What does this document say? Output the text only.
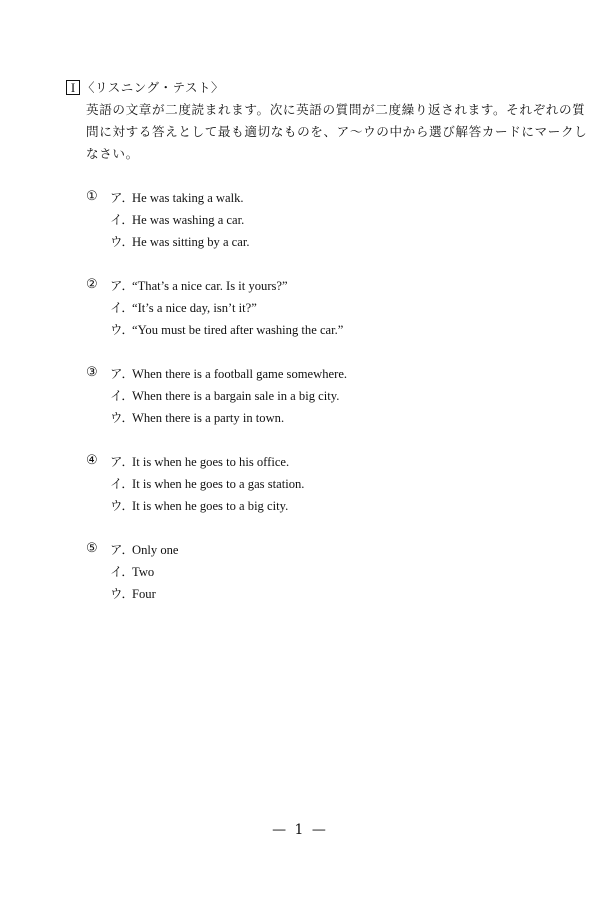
I 〈リスニング・テスト〉
英語の文章が二度読まれます。次に英語の質問が二度繰り返されます。それぞれの質
問に対する答えとして最も適切なものを、ア〜ウの中から選び解答カードにマークし
なさい。
① ア．He was taking a walk.
イ．He was washing a car.
ウ．He was sitting by a car.
② ア．“That’s a nice car. Is it yours?”
イ．“It’s a nice day, isn’t it?”
ウ．“You must be tired after washing the car.”
③ ア．When there is a football game somewhere.
イ．When there is a bargain sale in a big city.
ウ．When there is a party in town.
④ ア．It is when he goes to his office.
イ．It is when he goes to a gas station.
ウ．It is when he goes to a big city.
⑤ ア．Only one
イ．Two
ウ．Four
— 1 —
